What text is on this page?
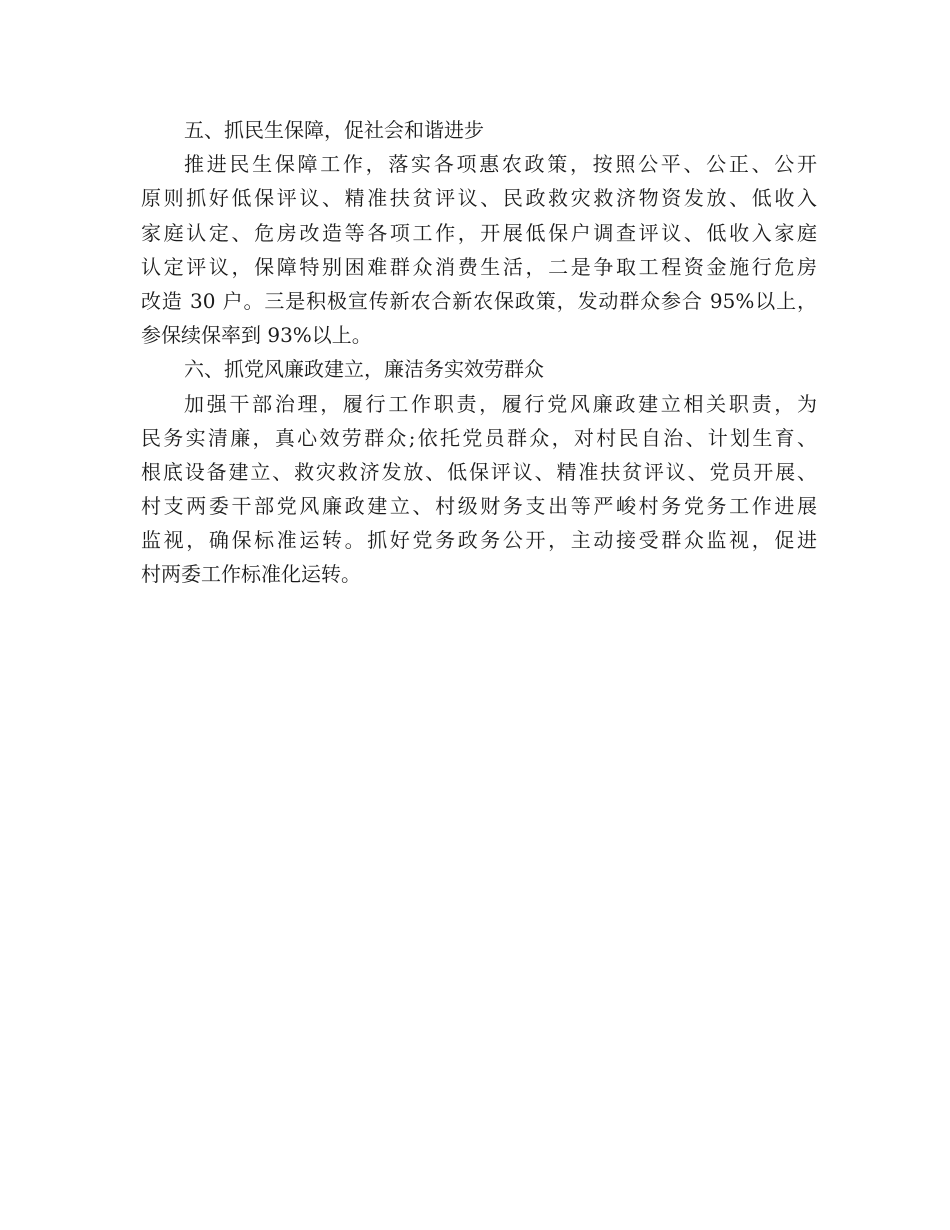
五、抓民生保障，促社会和谐进步
推进民生保障工作，落实各项惠农政策，按照公平、公正、公开
原则抓好低保评议、精准扶贫评议、民政救灾救济物资发放、低收入
家庭认定、危房改造等各项工作，开展低保户调查评议、低收入家庭
认定评议，保障特别困难群众消费生活，二是争取工程资金施行危房
改造 30 户。三是积极宣传新农合新农保政策，发动群众参合 95%以上，
参保续保率到 93%以上。
六、抓党风廉政建立，廉洁务实效劳群众
加强干部治理，履行工作职责，履行党风廉政建立相关职责，为
民务实清廉，真心效劳群众;依托党员群众，对村民自治、计划生育、
根底设备建立、救灾救济发放、低保评议、精准扶贫评议、党员开展、
村支两委干部党风廉政建立、村级财务支出等严峻村务党务工作进展
监视，确保标准运转。抓好党务政务公开，主动接受群众监视，促进
村两委工作标准化运转。
